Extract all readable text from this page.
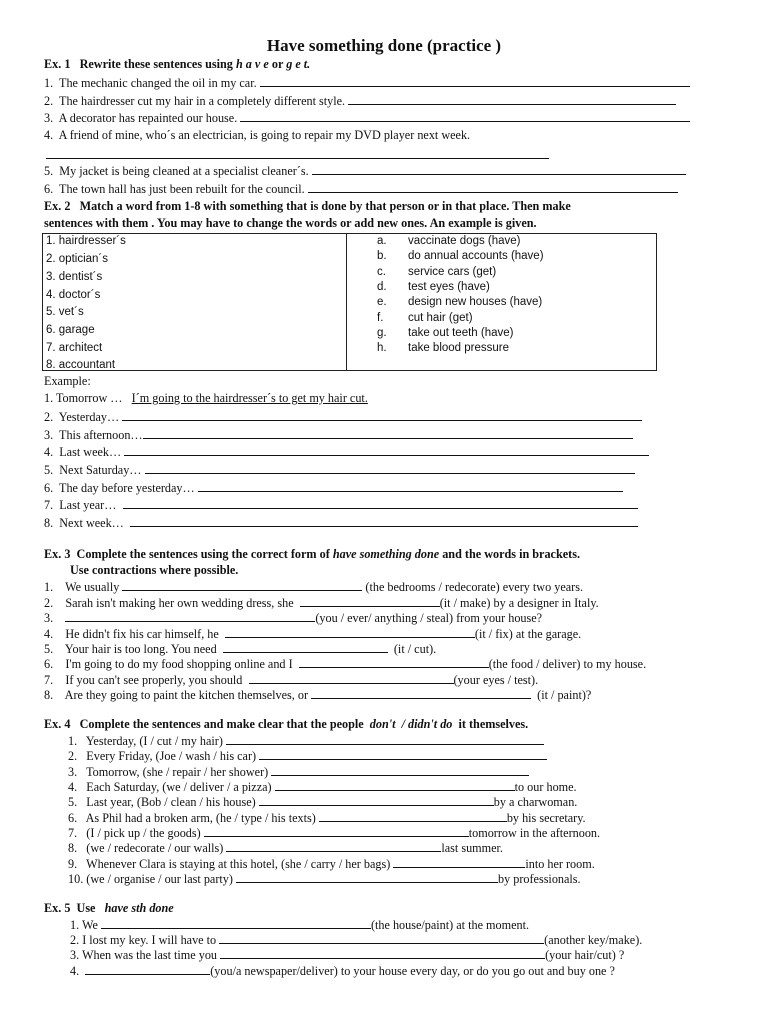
Have something done (practice )
Ex. 1 Rewrite these sentences using h a v e or g e t.
1. The mechanic changed the oil in my car.
2. The hairdresser cut my hair in a completely different style.
3. A decorator has repainted our house.
4. A friend of mine, who´s an electrician, is going to repair my DVD player next week.
5. My jacket is being cleaned at a specialist cleaner´s.
6. The town hall has just been rebuilt for the council.
Ex. 2 Match a word from 1-8 with something that is done by that person or in that place. Then make
sentences with them . You may have to change the words or add new ones. An example is given.
1. hairdresser´s
2. optician´s
3. dentist´s
4. doctor´s
5. vet´s
6. garage
7. architect
8. accountant
a. vaccinate dogs (have)
b. do annual accounts (have)
c. service cars (get)
d. test eyes (have)
e. design new houses (have)
f. cut hair (get)
g. take out teeth (have)
h. take blood pressure
Example:
1. Tomorrow … I´m going to the hairdresser´s to get my hair cut.
2. Yesterday…
3. This afternoon…
4. Last week…
5. Next Saturday…
6. The day before yesterday…
7. Last year…
8. Next week…
Ex. 3 Complete the sentences using the correct form of have something done and the words in brackets.
Use contractions where possible.
1. We usually	(the bedrooms / redecorate) every two years.
2. Sarah isn't making her own wedding dress, she	(it / make) by a designer in Italy.
3.	(you / ever/ anything / steal) from your house?
4. He didn't fix his car himself, he	(it / fix) at the garage.
5. Your hair is too long. You need	(it / cut).
6. I'm going to do my food shopping online and I	(the food / deliver) to my house.
7. If you can't see properly, you should	(your eyes / test).
8. Are they going to paint the kitchen themselves, or	(it / paint)?
Ex. 4 Complete the sentences and make clear that the people don't  / didn't do it themselves.
1. Yesterday, (I / cut / my hair)
2. Every Friday, (Joe / wash / his car)
3. Tomorrow, (she / repair / her shower)
4. Each Saturday, (we / deliver / a pizza)	to our home.
5. Last year, (Bob / clean / his house)	by a charwoman.
6. As Phil had a broken arm, (he / type / his texts)	by his secretary.
7. (I / pick up / the goods)	tomorrow in the afternoon.
8. (we / redecorate / our walls)	last summer.
9. Whenever Clara is staying at this hotel, (she / carry / her bags)	into her room.
10. (we / organise / our last party)	by professionals.
Ex. 5 Use have sth done
1. We	(the house/paint) at the moment.
2. I lost my key. I will have to	(another key/make).
3. When was the last time you	(your hair/cut) ?
4.	(you/a newspaper/deliver) to your house every day, or do you go out and buy one ?
